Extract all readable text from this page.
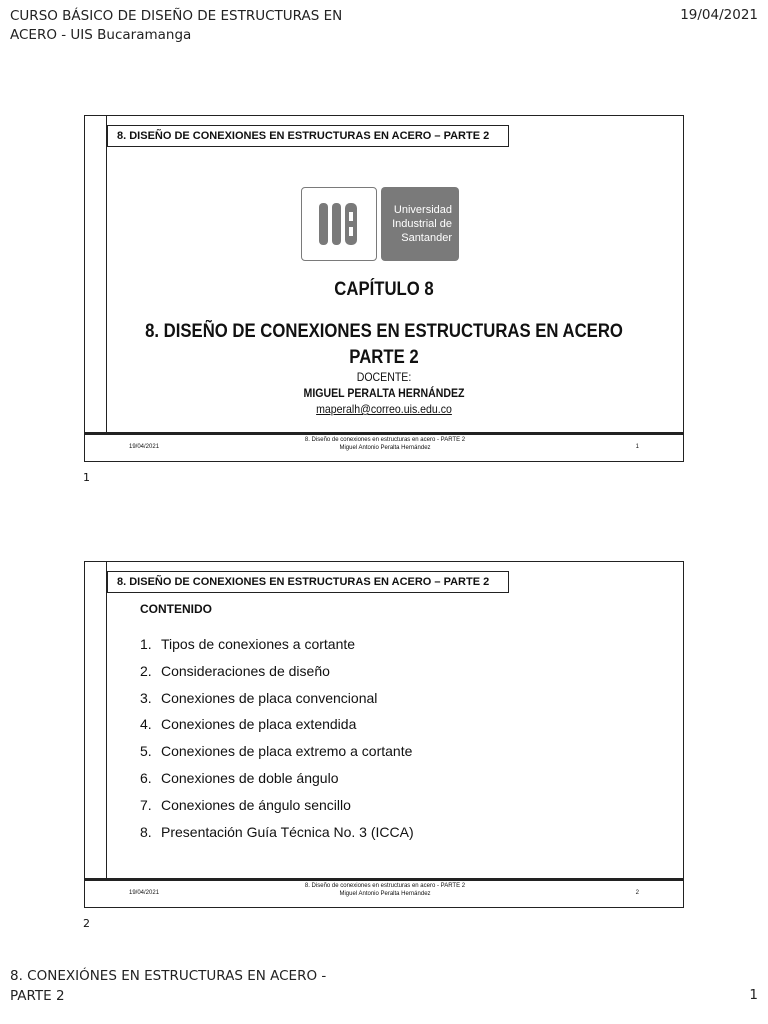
CURSO BÁSICO DE DISEÑO DE ESTRUCTURAS EN ACERO - UIS Bucaramanga
19/04/2021
8. DISEÑO DE CONEXIONES EN ESTRUCTURAS EN ACERO – PARTE 2
Universidad
Industrial de
Santander
CAPÍTULO 8
8. DISEÑO DE CONEXIONES EN ESTRUCTURAS EN ACERO
PARTE 2
DOCENTE:
MIGUEL PERALTA HERNÁNDEZ
maperalh@correo.uis.edu.co
19/04/2021
8. Diseño de conexiones en estructuras en acero - PARTE 2
Miguel Antonio Peralta Hernández	1
1
8. DISEÑO DE CONEXIONES EN ESTRUCTURAS EN ACERO – PARTE 2
CONTENIDO
1. Tipos de conexiones a cortante
2. Consideraciones de diseño
3. Conexiones de placa convencional
4. Conexiones de placa extendida
5. Conexiones de placa extremo a cortante
6. Conexiones de doble ángulo
7. Conexiones de ángulo sencillo
8. Presentación Guía Técnica No. 3 (ICCA)
19/04/2021
8. Diseño de conexiones en estructuras en acero - PARTE 2
Miguel Antonio Peralta Hernández	2
2
8. CONEXIÓNES EN ESTRUCTURAS EN ACERO - PARTE 2	1
